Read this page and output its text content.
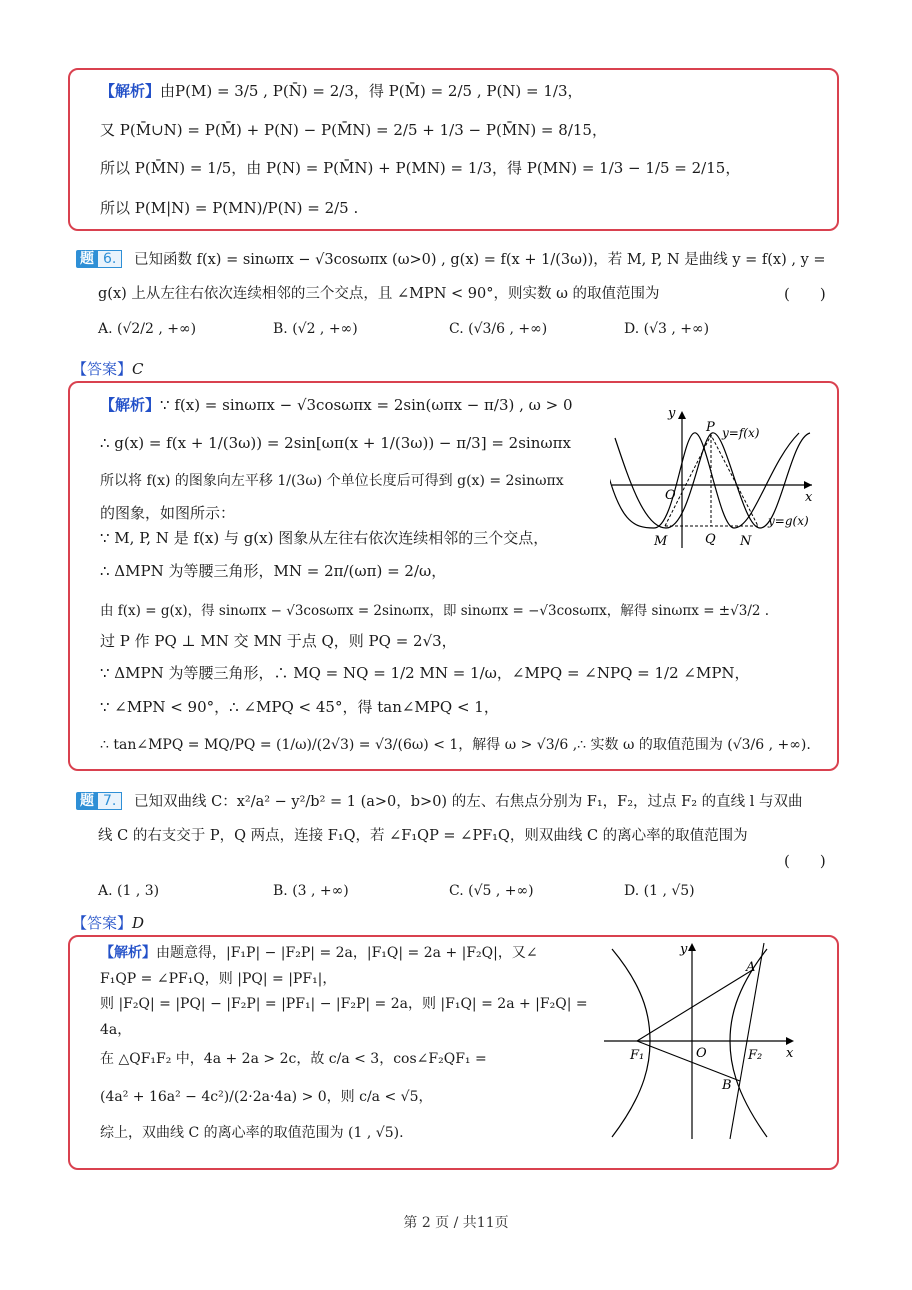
【解析】由P(M) = 3/5 , P(N̄) = 2/3，得 P(M̄) = 2/5 , P(N) = 1/3，
又 P(M̄∪N) = P(M̄) + P(N) − P(M̄N) = 2/5 + 1/3 − P(M̄N) = 8/15，
所以 P(M̄N) = 1/5，由 P(N) = P(M̄N) + P(MN) = 1/3，得 P(MN) = 1/3 − 1/5 = 2/15，
所以 P(M|N) = P(MN)/P(N) = 2/5 .
题 6.	已知函数 f(x) = sinωπx − √3cosωπx (ω>0) , g(x) = f(x + 1/(3ω))，若 M, P, N 是曲线 y = f(x) , y =
g(x) 上从左往右依次连续相邻的三个交点，且 ∠MPN < 90°，则实数 ω 的取值范围为	(　　)
A. (√2/2 , +∞)	B. (√2 , +∞)	C. (√3/6 , +∞)	D. (√3 , +∞)
【答案】C
【解析】∵ f(x) = sinωπx − √3cosωπx = 2sin(ωπx − π/3) , ω > 0
∴ g(x) = f(x + 1/(3ω)) = 2sin[ωπ(x + 1/(3ω)) − π/3] = 2sinωπx
所以将 f(x) 的图象向左平移 1/(3ω) 个单位长度后可得到 g(x) = 2sinωπx
的图象，如图所示：
∵ M, P, N 是 f(x) 与 g(x) 图象从左往右依次连续相邻的三个交点，
∴ ΔMPN 为等腰三角形，MN = 2π/(ωπ) = 2/ω，
由 f(x) = g(x)，得 sinωπx − √3cosωπx = 2sinωπx，即 sinωπx = −√3cosωπx，解得 sinωπx = ±√3/2 .
过 P 作 PQ ⊥ MN 交 MN 于点 Q，则 PQ = 2√3，
∵ ΔMPN 为等腰三角形，∴ MQ = NQ = 1/2 MN = 1/ω，∠MPQ = ∠NPQ = 1/2 ∠MPN，
∵ ∠MPN < 90°，∴ ∠MPQ < 45°，得 tan∠MPQ < 1，
∴ tan∠MPQ = MQ/PQ = (1/ω)/(2√3) = √3/(6ω) < 1，解得 ω > √3/6 ,∴ 实数 ω 的取值范围为 (√3/6 , +∞).
y
x
O
P y=f(x)
y=g(x)
M	Q N
题 7.	已知双曲线 C：x²/a² − y²/b² = 1 (a>0，b>0) 的左、右焦点分别为 F₁，F₂，过点 F₂ 的直线 l 与双曲
线 C 的右支交于 P，Q 两点，连接 F₁Q，若 ∠F₁QP = ∠PF₁Q，则双曲线 C 的离心率的取值范围为
(　　)
A. (1 , 3)	B. (3 , +∞)	C. (√5 , +∞)	D. (1 , √5)
【答案】D
【解析】由题意得，|F₁P| − |F₂P| = 2a，|F₁Q| = 2a + |F₂Q|，又∠
F₁QP = ∠PF₁Q，则 |PQ| = |PF₁|，
则 |F₂Q| = |PQ| − |F₂P| = |PF₁| − |F₂P| = 2a，则 |F₁Q| = 2a + |F₂Q| =
4a，
在 △QF₁F₂ 中，4a + 2a > 2c，故 c/a < 3，cos∠F₂QF₁ =
(4a² + 16a² − 4c²)/(2·2a·4a) > 0，则 c/a < √5，
综上，双曲线 C 的离心率的取值范围为 (1 , √5).
y
x
O
A
B
F₁	F₂
第 2 页 / 共11页
